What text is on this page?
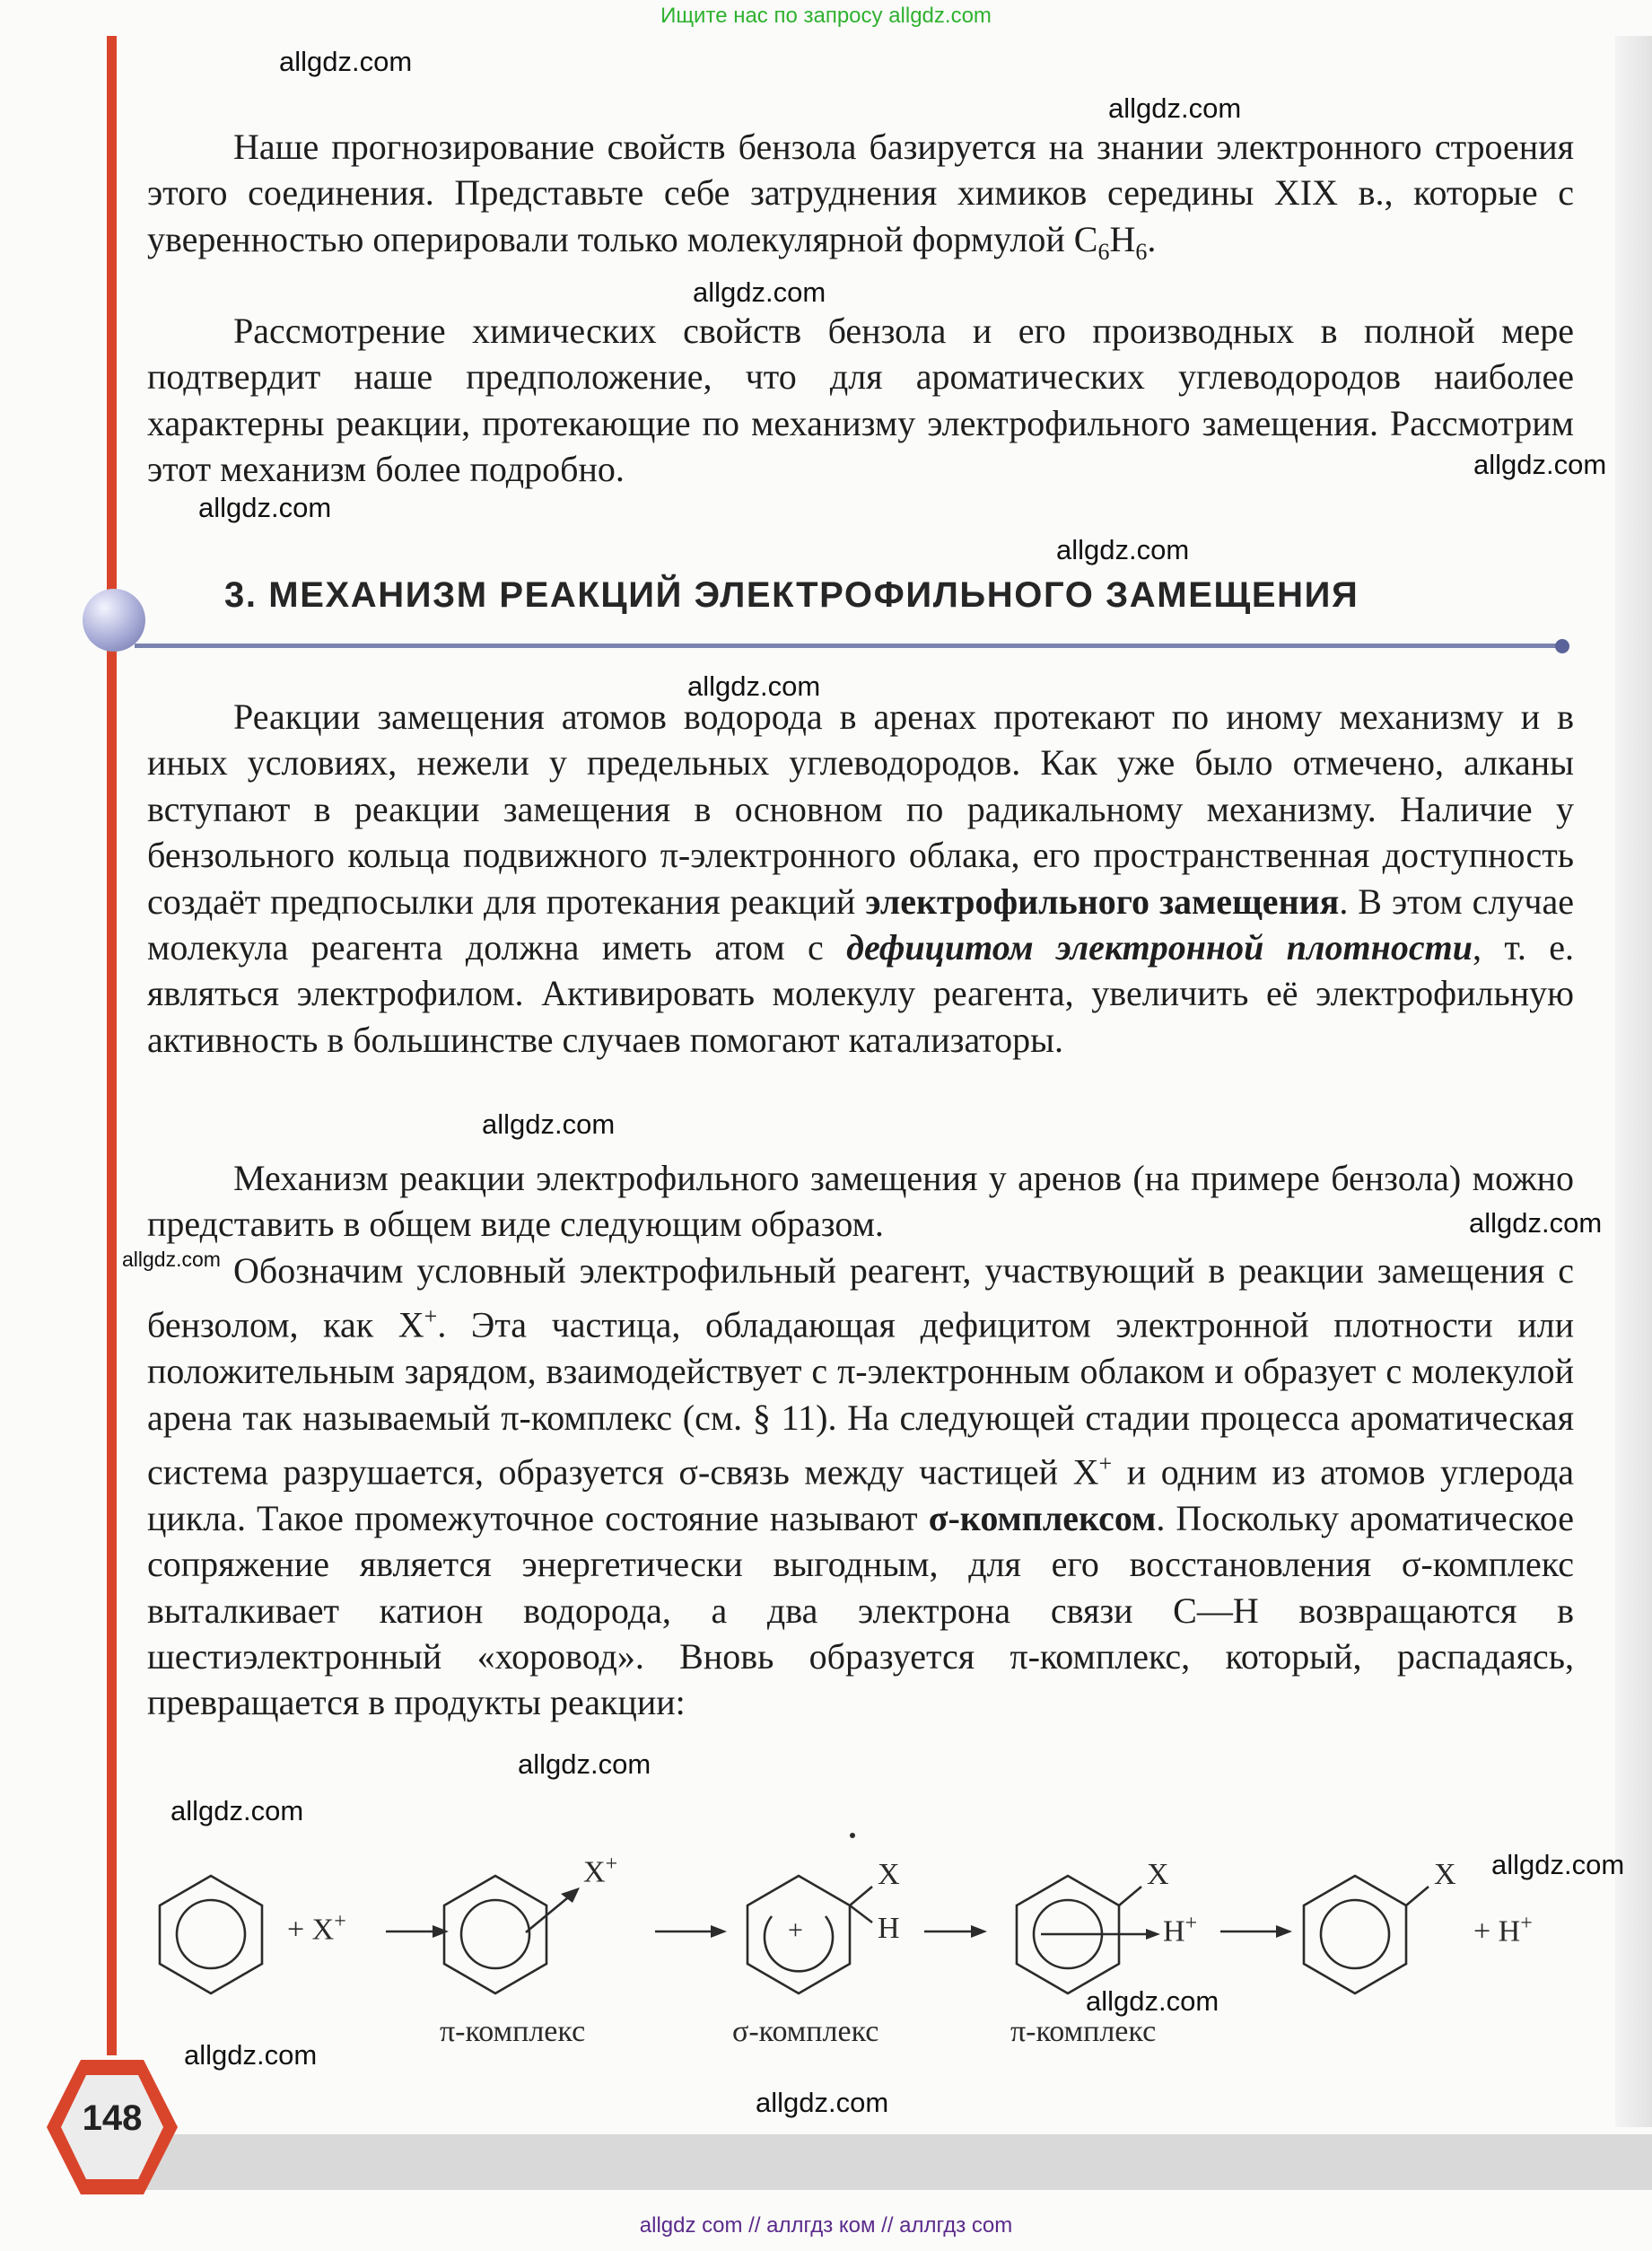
Ищите нас по запросу allgdz.com

Наше прогнозирование свойств бензола базируется на знании электронного строения этого соединения. Представьте себе затруднения химиков середины XIX в., которые с уверенностью оперировали только молекулярной формулой $C_6H_6$.

Рассмотрение химических свойств бензола и его производных в полной мере подтвердит наше предположение, что для ароматических углеводородов наиболее характерны реакции, протекающие по механизму электрофильного замещения. Рассмотрим этот механизм более подробно.

3. МЕХАНИЗМ РЕАКЦИЙ ЭЛЕКТРОФИЛЬНОГО ЗАМЕЩЕНИЯ

Реакции замещения атомов водорода в аренах протекают по иному механизму и в иных условиях, нежели у предельных углеводородов. Как уже было отмечено, алканы вступают в реакции замещения в основном по радикальному механизму. Наличие у бензольного кольца подвижного π-электронного облака, его пространственная доступность создаёт предпосылки для протекания реакций электрофильного замещения. В этом случае молекула реагента должна иметь атом с дефицитом электронной плотности, т. е. являться электрофилом. Активировать молекулу реагента, увеличить её электрофильную активность в большинстве случаев помогают катализаторы.

Механизм реакции электрофильного замещения у аренов (на примере бензола) можно представить в общем виде следующим образом.

Обозначим условный электрофильный реагент, участвующий в реакции замещения с бензолом, как X+. Эта частица, обладающая дефицитом электронной плотности или положительным зарядом, взаимодействует с π-электронным облаком и образует с молекулой арена так называемый π-комплекс (см. § 11). На следующей стадии процесса ароматическая система разрушается, образуется σ-связь между частицей X+ и одним из атомов углерода цикла. Такое промежуточное состояние называют σ-комплексом. Поскольку ароматическое сопряжение является энергетически выгодным, для его восстановления σ-комплекс выталкивает катион водорода, а два электрона связи C—H возвращаются в шестиэлектронный «хоровод». Вновь образуется π-комплекс, который, распадаясь, превращается в продукты реакции:

+ X+
X+	X
H
+
X
H+
X
+ H+
π-комплекс	σ-комплекс	π-комплекс
148
allgdz.com
allgdz.com
allgdz.com
allgdz.com
allgdz.com
allgdz.com
allgdz.com
allgdz.com
allgdz.com
allgdz.com
allgdz.com
allgdz.com
allgdz.com
allgdz.com
allgdz.com
allgdz.com
allgdz com // аллгдз ком // аллгдз com
